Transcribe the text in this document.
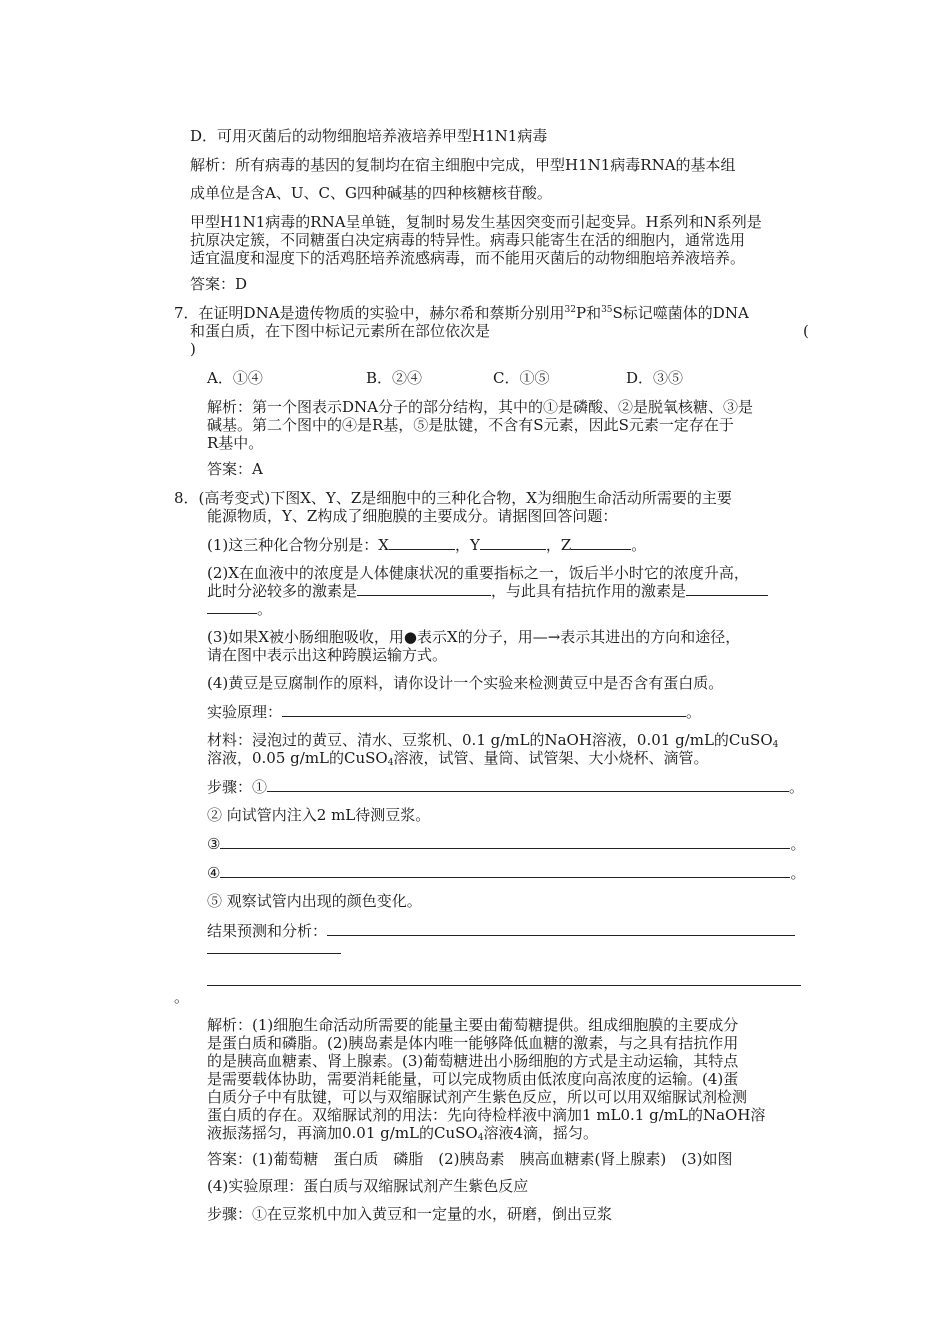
D．可用灭菌后的动物细胞培养液培养甲型H1N1病毒
解析：所有病毒的基因的复制均在宿主细胞中完成，甲型H1N1病毒RNA的基本组
成单位是含A、U、C、G四种碱基的四种核糖核苷酸。
甲型H1N1病毒的RNA呈单链，复制时易发生基因突变而引起变异。H系列和N系列是
抗原决定簇，不同糖蛋白决定病毒的特异性。病毒只能寄生在活的细胞内，通常选用
适宜温度和湿度下的活鸡胚培养流感病毒，而不能用灭菌后的动物细胞培养液培养。
答案：D
7．在证明DNA是遗传物质的实验中，赫尔希和蔡斯分别用$^{32}$P和$^{35}$S标记噬菌体的DNA
和蛋白质，在下图中标记元素所在部位依次是	(
)
A．①④	B．②④	C．①⑤	D．③⑤
解析：第一个图表示DNA分子的部分结构，其中的①是磷酸、②是脱氧核糖、③是
碱基。第二个图中的④是R基，⑤是肽键，不含有S元素，因此S元素一定存在于
R基中。
答案：A
8．(高考变式)下图X、Y、Z是细胞中的三种化合物，X为细胞生命活动所需要的主要
能源物质，Y、Z构成了细胞膜的主要成分。请据图回答问题：
(1)这三种化合物分别是：X	，Y	，Z	。
(2)X在血液中的浓度是人体健康状况的重要指标之一，饭后半小时它的浓度升高，
此时分泌较多的激素是	，与此具有拮抗作用的激素是
。
(3)如果X被小肠细胞吸收，用●表示X的分子，用—→表示其进出的方向和途径，
请在图中表示出这种跨膜运输方式。
(4)黄豆是豆腐制作的原料，请你设计一个实验来检测黄豆中是否含有蛋白质。
实验原理：	。
材料：浸泡过的黄豆、清水、豆浆机、0.1 g/mL的NaOH溶液，0.01 g/mL的CuSO$_4$
溶液，0.05 g/mL的CuSO$_4$溶液，试管、量筒、试管架、大小烧杯、滴管。
步骤：①	。
② 向试管内注入2 mL待测豆浆。
③	。
④	。
⑤ 观察试管内出现的颜色变化。
结果预测和分析：
。
解析：(1)细胞生命活动所需要的能量主要由葡萄糖提供。组成细胞膜的主要成分
是蛋白质和磷脂。(2)胰岛素是体内唯一能够降低血糖的激素，与之具有拮抗作用
的是胰高血糖素、肾上腺素。(3)葡萄糖进出小肠细胞的方式是主动运输，其特点
是需要载体协助，需要消耗能量，可以完成物质由低浓度向高浓度的运输。(4)蛋
白质分子中有肽键，可以与双缩脲试剂产生紫色反应，所以可以用双缩脲试剂检测
蛋白质的存在。双缩脲试剂的用法：先向待检样液中滴加1 mL0.1 g/mL的NaOH溶
液振荡摇匀，再滴加0.01 g/mL的CuSO$_4$溶液4滴，摇匀。
答案：(1)葡萄糖　蛋白质　磷脂　(2)胰岛素　胰高血糖素(肾上腺素)　(3)如图
(4)实验原理：蛋白质与双缩脲试剂产生紫色反应
步骤：①在豆浆机中加入黄豆和一定量的水，研磨，倒出豆浆
